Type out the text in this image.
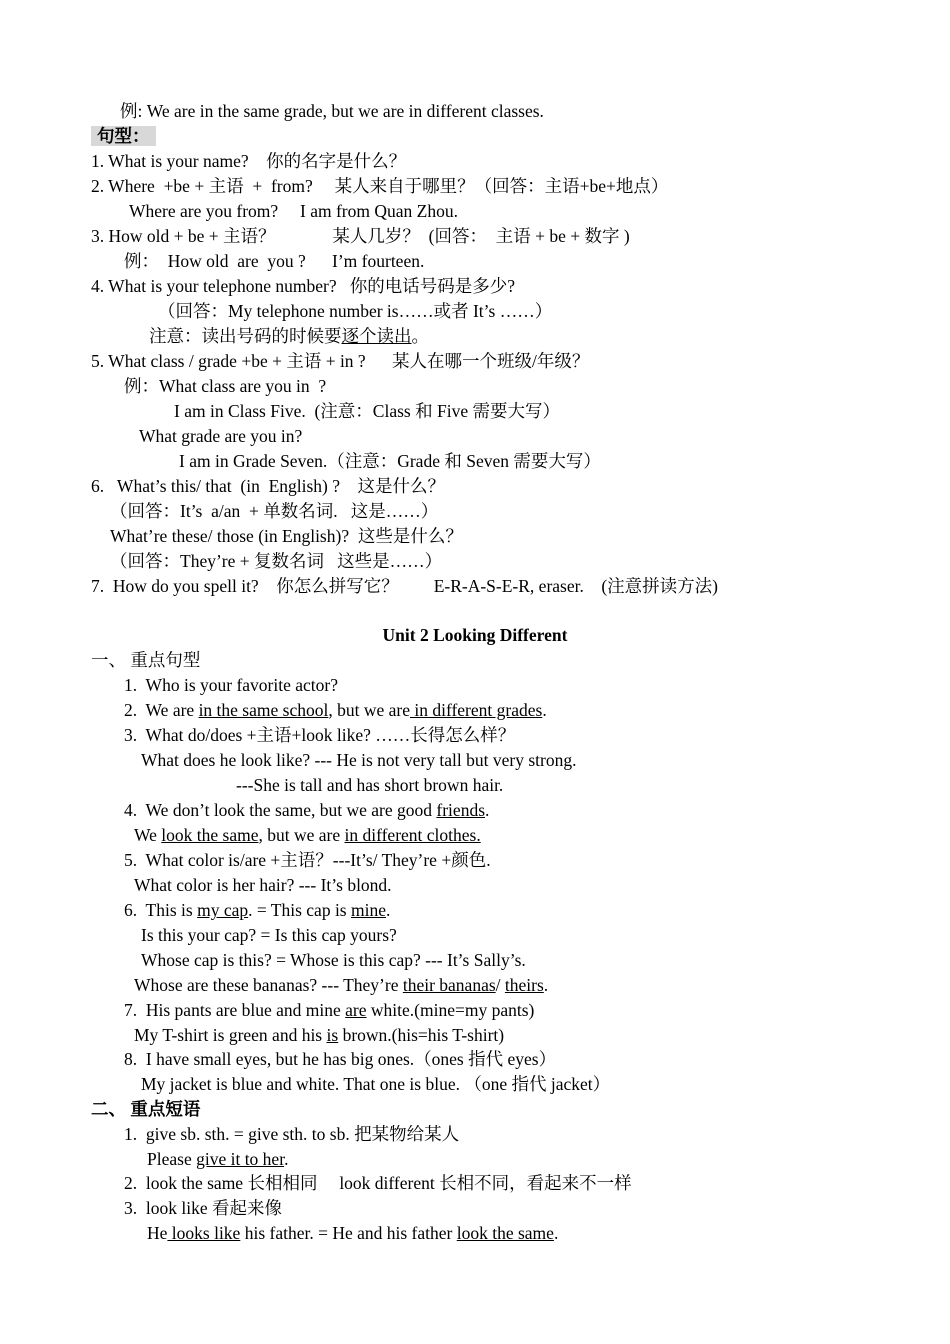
例: We are in the same grade, but we are in different classes.
句型：
1. What is your name?    你的名字是什么？
2. Where  +be + 主语  +  from?     某人来自于哪里？（回答：主语+be+地点）
Where are you from?     I am from Quan Zhou.
3. How old + be + 主语？             某人几岁？  (回答：  主语 + be + 数字 )
例：  How old  are  you ?      I’m fourteen.
4. What is your telephone number?   你的电话号码是多少?
（回答：My telephone number is……或者 It’s ……）
注意：读出号码的时候要逐个读出。
5. What class / grade +be + 主语 + in ?      某人在哪一个班级/年级？
例：What class are you in  ?
I am in Class Five.  (注意：Class 和 Five 需要大写）
What grade are you in?
I am in Grade Seven.（注意：Grade 和 Seven 需要大写）
6.   What’s this/ that  (in  English) ?    这是什么？
（回答：It’s  a/an  + 单数名词.   这是……）
What’re these/ those (in English)?  这些是什么？
（回答：They’re + 复数名词   这些是……）
7.  How do you spell it?    你怎么拼写它？        E-R-A-S-E-R, eraser.    (注意拼读方法)
Unit 2 Looking Different
一、 重点句型
1.  Who is your favorite actor?
2.  We are in the same school, but we are in different grades.
3.  What do/does +主语+look like? ……长得怎么样？
What does he look like? --- He is not very tall but very strong.
---She is tall and has short brown hair.
4.  We don’t look the same, but we are good friends.
We look the same, but we are in different clothes.
5.  What color is/are +主语？---It’s/ They’re +颜色.
What color is her hair? --- It’s blond.
6.  This is my cap. = This cap is mine.
Is this your cap? = Is this cap yours?
Whose cap is this? = Whose is this cap? --- It’s Sally’s.
Whose are these bananas? --- They’re their bananas/ theirs.
7.  His pants are blue and mine are white.(mine=my pants)
My T-shirt is green and his is brown.(his=his T-shirt)
8.  I have small eyes, but he has big ones.（ones 指代 eyes）
My jacket is blue and white. That one is blue. （one 指代 jacket）
二、 重点短语
1.  give sb. sth. = give sth. to sb. 把某物给某人
Please give it to her.
2.  look the same 长相相同     look different 长相不同，看起来不一样
3.  look like 看起来像
He looks like his father. = He and his father look the same.
